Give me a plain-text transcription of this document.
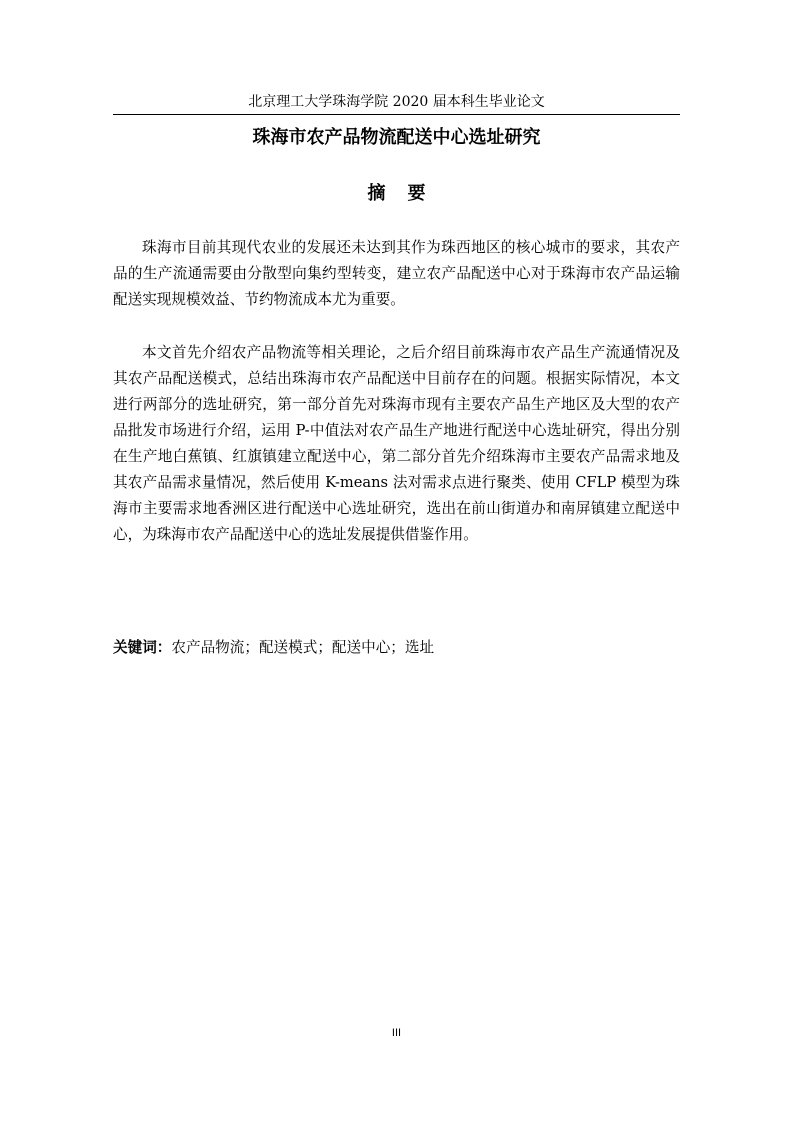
北京理工大学珠海学院 2020 届本科生毕业论文
珠海市农产品物流配送中心选址研究
摘要

珠海市目前其现代农业的发展还未达到其作为珠西地区的核心城市的要求，其农产品的生产流通需要由分散型向集约型转变，建立农产品配送中心对于珠海市农产品运输配送实现规模效益、节约物流成本尤为重要。

本文首先介绍农产品物流等相关理论，之后介绍目前珠海市农产品生产流通情况及其农产品配送模式，总结出珠海市农产品配送中目前存在的问题。根据实际情况，本文进行两部分的选址研究，第一部分首先对珠海市现有主要农产品生产地区及大型的农产品批发市场进行介绍，运用 P-中值法对农产品生产地进行配送中心选址研究，得出分别在生产地白蕉镇、红旗镇建立配送中心，第二部分首先介绍珠海市主要农产品需求地及其农产品需求量情况，然后使用 K-means 法对需求点进行聚类、使用 CFLP 模型为珠海市主要需求地香洲区进行配送中心选址研究，选出在前山街道办和南屏镇建立配送中心，为珠海市农产品配送中心的选址发展提供借鉴作用。

关键词：农产品物流；配送模式；配送中心；选址
III
